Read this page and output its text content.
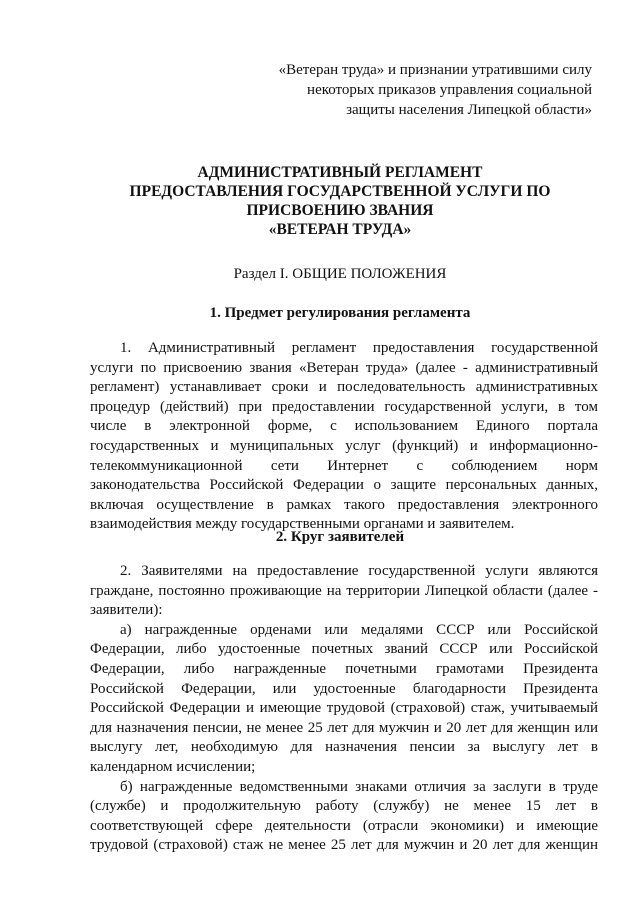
«Ветеран труда» и признании утратившими силу
некоторых приказов управления социальной
защиты населения Липецкой области»
АДМИНИСТРАТИВНЫЙ РЕГЛАМЕНТ
ПРЕДОСТАВЛЕНИЯ ГОСУДАРСТВЕННОЙ УСЛУГИ ПО
ПРИСВОЕНИЮ ЗВАНИЯ
«ВЕТЕРАН ТРУДА»
Раздел I. ОБЩИЕ ПОЛОЖЕНИЯ
1. Предмет регулирования регламента
1. Административный регламент предоставления государственной
услуги по присвоению звания «Ветеран труда» (далее - административный
регламент) устанавливает сроки и последовательность административных
процедур (действий) при предоставлении государственной услуги, в том
числе в электронной форме, с использованием Единого портала
государственных и муниципальных услуг (функций) и информационно-
телекоммуникационной сети Интернет с соблюдением норм
законодательства Российской Федерации о защите персональных данных,
включая осуществление в рамках такого предоставления электронного
взаимодействия между государственными органами и заявителем.
2. Круг заявителей
2. Заявителями на предоставление государственной услуги являются
граждане, постоянно проживающие на территории Липецкой области (далее -
заявители):
а) награжденные орденами или медалями СССР или Российской
Федерации, либо удостоенные почетных званий СССР или Российской
Федерации, либо награжденные почетными грамотами Президента
Российской Федерации, или удостоенные благодарности Президента
Российской Федерации и имеющие трудовой (страховой) стаж, учитываемый
для назначения пенсии, не менее 25 лет для мужчин и 20 лет для женщин или
выслугу лет, необходимую для назначения пенсии за выслугу лет в
календарном исчислении;
б) награжденные ведомственными знаками отличия за заслуги в труде
(службе) и продолжительную работу (службу) не менее 15 лет в
соответствующей сфере деятельности (отрасли экономики) и имеющие
трудовой (страховой) стаж не менее 25 лет для мужчин и 20 лет для женщин
